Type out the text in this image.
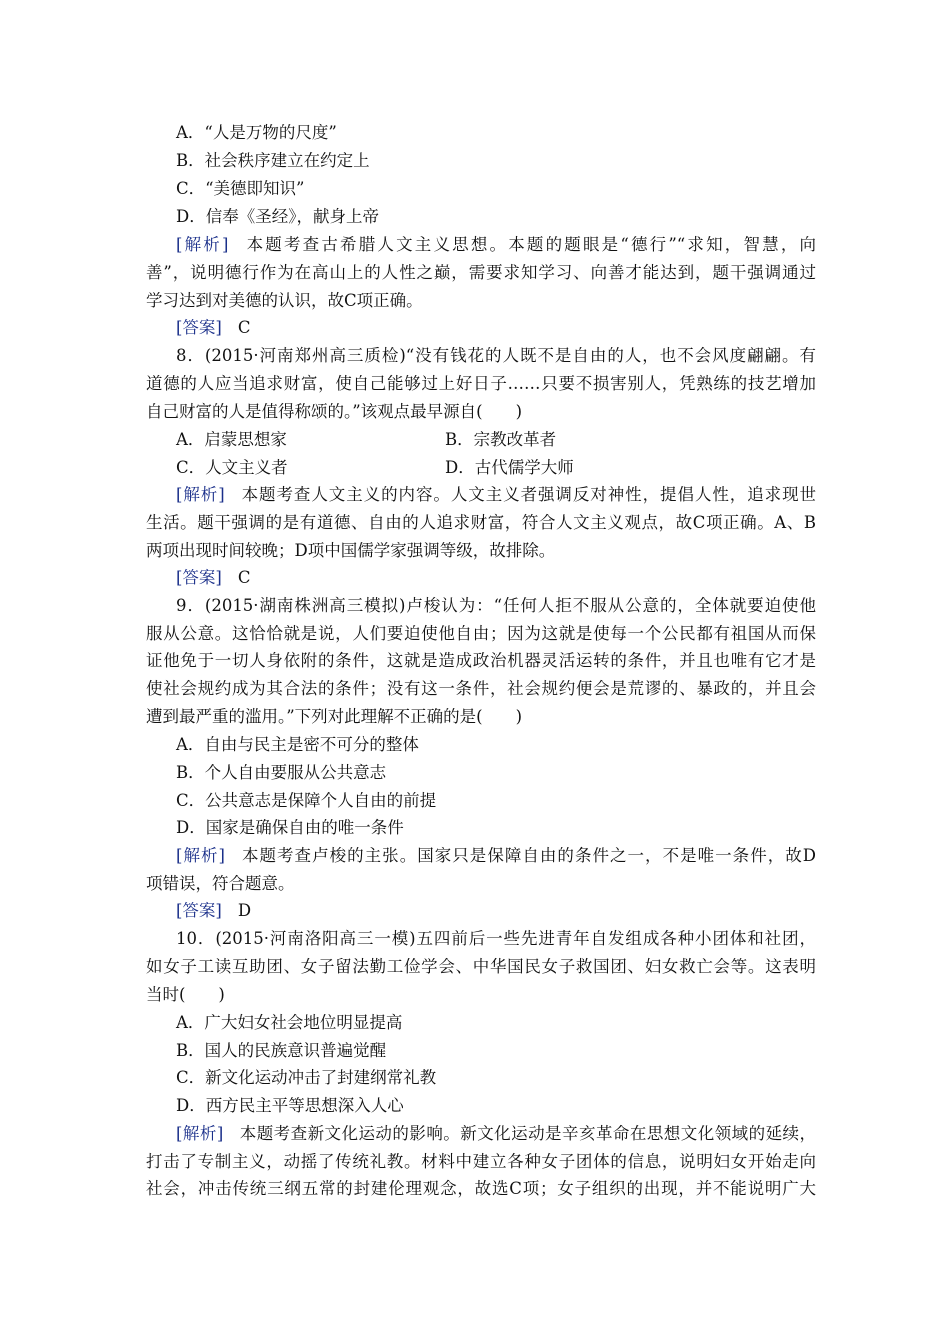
A．“人是万物的尺度”
B．社会秩序建立在约定上
C．“美德即知识”
D．信奉《圣经》，献身上帝
[解析] 本题考查古希腊人文主义思想。本题的题眼是“德行”“求知，智慧，向
善”，说明德行作为在高山上的人性之巅，需要求知学习、向善才能达到，题干强调通过
学习达到对美德的认识，故C项正确。
[答案] C
8．(2015·河南郑州高三质检)“没有钱花的人既不是自由的人，也不会风度翩翩。有
道德的人应当追求财富，使自己能够过上好日子……只要不损害别人，凭熟练的技艺增加
自己财富的人是值得称颂的。”该观点最早源自(　　)
A．启蒙思想家	B．宗教改革者
C．人文主义者	D．古代儒学大师
[解析] 本题考查人文主义的内容。人文主义者强调反对神性，提倡人性，追求现世
生活。题干强调的是有道德、自由的人追求财富，符合人文主义观点，故C项正确。A、B
两项出现时间较晚；D项中国儒学家强调等级，故排除。
[答案] C
9．(2015·湖南株洲高三模拟)卢梭认为：“任何人拒不服从公意的，全体就要迫使他
服从公意。这恰恰就是说，人们要迫使他自由；因为这就是使每一个公民都有祖国从而保
证他免于一切人身依附的条件，这就是造成政治机器灵活运转的条件，并且也唯有它才是
使社会规约成为其合法的条件；没有这一条件，社会规约便会是荒谬的、暴政的，并且会
遭到最严重的滥用。”下列对此理解不正确的是(　　)
A．自由与民主是密不可分的整体
B．个人自由要服从公共意志
C．公共意志是保障个人自由的前提
D．国家是确保自由的唯一条件
[解析] 本题考查卢梭的主张。国家只是保障自由的条件之一，不是唯一条件，故D
项错误，符合题意。
[答案] D
10．(2015·河南洛阳高三一模)五四前后一些先进青年自发组成各种小团体和社团，
如女子工读互助团、女子留法勤工俭学会、中华国民女子救国团、妇女救亡会等。这表明
当时(　　)
A．广大妇女社会地位明显提高
B．国人的民族意识普遍觉醒
C．新文化运动冲击了封建纲常礼教
D．西方民主平等思想深入人心
[解析] 本题考查新文化运动的影响。新文化运动是辛亥革命在思想文化领域的延续，
打击了专制主义，动摇了传统礼教。材料中建立各种女子团体的信息，说明妇女开始走向
社会，冲击传统三纲五常的封建伦理观念，故选C项；女子组织的出现，并不能说明广大
